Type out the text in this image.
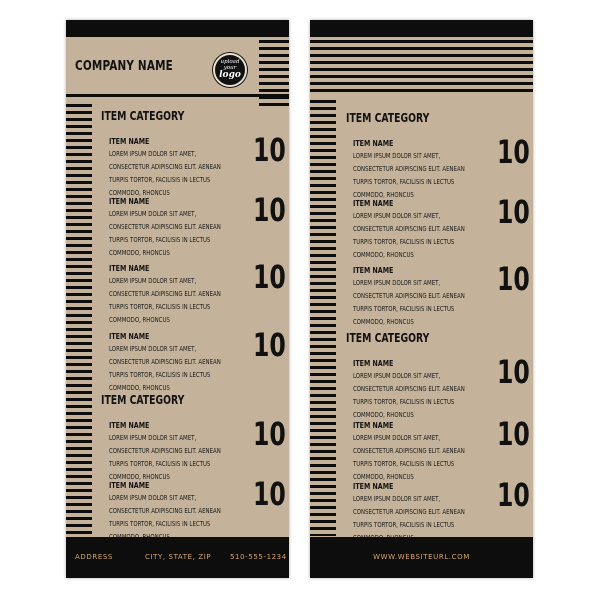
COMPANY NAME	upload
your
logo
ITEM CATEGORY
ITEM NAME
LOREM IPSUM DOLOR SIT AMET, CONSECTETUR ADIPISCING ELIT. AENEAN TURPIS TORTOR, FACILISIS IN LECTUS COMMODO, RHONCUS
10
ITEM NAME
LOREM IPSUM DOLOR SIT AMET, CONSECTETUR ADIPISCING ELIT. AENEAN TURPIS TORTOR, FACILISIS IN LECTUS COMMODO, RHONCUS
10
ITEM NAME
LOREM IPSUM DOLOR SIT AMET, CONSECTETUR ADIPISCING ELIT. AENEAN TURPIS TORTOR, FACILISIS IN LECTUS COMMODO, RHONCUS
10
ITEM NAME
LOREM IPSUM DOLOR SIT AMET, CONSECTETUR ADIPISCING ELIT. AENEAN TURPIS TORTOR, FACILISIS IN LECTUS COMMODO, RHONCUS
10
ITEM CATEGORY
ITEM NAME
LOREM IPSUM DOLOR SIT AMET, CONSECTETUR ADIPISCING ELIT. AENEAN TURPIS TORTOR, FACILISIS IN LECTUS COMMODO, RHONCUS
10
ITEM NAME
LOREM IPSUM DOLOR SIT AMET, CONSECTETUR ADIPISCING ELIT. AENEAN TURPIS TORTOR, FACILISIS IN LECTUS
10
ADDRESS	CITY, STATE, ZIP	510-555-1234
ITEM CATEGORY
ITEM NAME
LOREM IPSUM DOLOR SIT AMET, CONSECTETUR ADIPISCING ELIT. AENEAN TURPIS TORTOR, FACILISIS IN LECTUS COMMODO, RHONCUS
10
ITEM NAME
LOREM IPSUM DOLOR SIT AMET, CONSECTETUR ADIPISCING ELIT. AENEAN TURPIS TORTOR, FACILISIS IN LECTUS COMMODO, RHONCUS
10
ITEM NAME
LOREM IPSUM DOLOR SIT AMET, CONSECTETUR ADIPISCING ELIT. AENEAN TURPIS TORTOR, FACILISIS IN LECTUS COMMODO, RHONCUS
10
ITEM CATEGORY
ITEM NAME
LOREM IPSUM DOLOR SIT AMET, CONSECTETUR ADIPISCING ELIT. AENEAN TURPIS TORTOR, FACILISIS IN LECTUS COMMODO, RHONCUS
10
ITEM NAME
LOREM IPSUM DOLOR SIT AMET, CONSECTETUR ADIPISCING ELIT. AENEAN TURPIS TORTOR, FACILISIS IN LECTUS COMMODO, RHONCUS
10
ITEM NAME
LOREM IPSUM DOLOR SIT AMET, CONSECTETUR ADIPISCING ELIT. AENEAN TURPIS TORTOR, FACILISIS IN LECTUS
10
WWW.WEBSITEURL.COM
